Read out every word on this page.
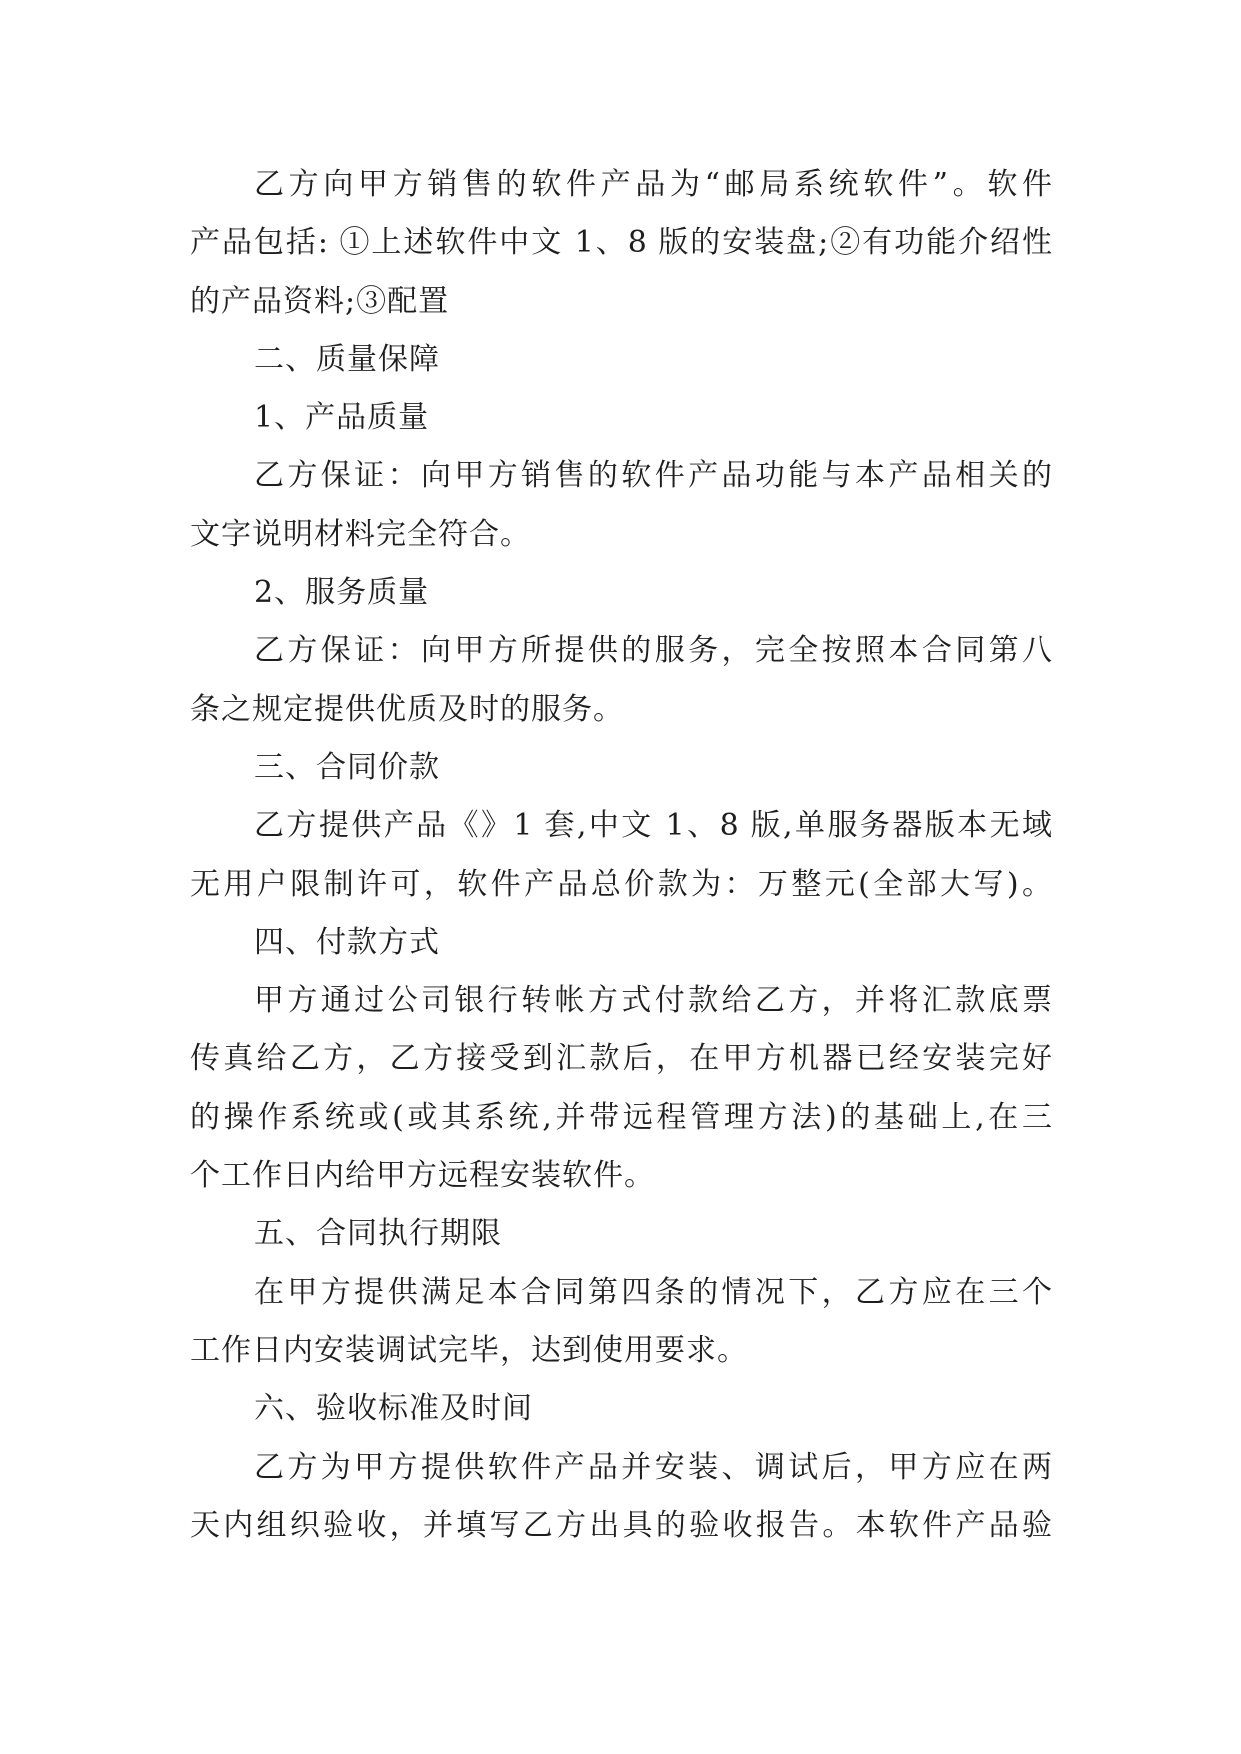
乙方向甲方销售的软件产品为“邮局系统软件”。软件
产品包括: ①上述软件中文 1、8 版的安装盘;②有功能介绍性
的产品资料;③配置
二、质量保障
1、产品质量
乙方保证：向甲方销售的软件产品功能与本产品相关的
文字说明材料完全符合。
2、服务质量
乙方保证：向甲方所提供的服务，完全按照本合同第八
条之规定提供优质及时的服务。
三、合同价款
乙方提供产品《》1 套,中文 1、8 版,单服务器版本无域
无用户限制许可，软件产品总价款为：万整元(全部大写)。
四、付款方式
甲方通过公司银行转帐方式付款给乙方，并将汇款底票
传真给乙方，乙方接受到汇款后，在甲方机器已经安装完好
的操作系统或(或其系统,并带远程管理方法)的基础上,在三
个工作日内给甲方远程安装软件。
五、合同执行期限
在甲方提供满足本合同第四条的情况下，乙方应在三个
工作日内安装调试完毕，达到使用要求。
六、验收标准及时间
乙方为甲方提供软件产品并安装、调试后，甲方应在两
天内组织验收，并填写乙方出具的验收报告。本软件产品验
